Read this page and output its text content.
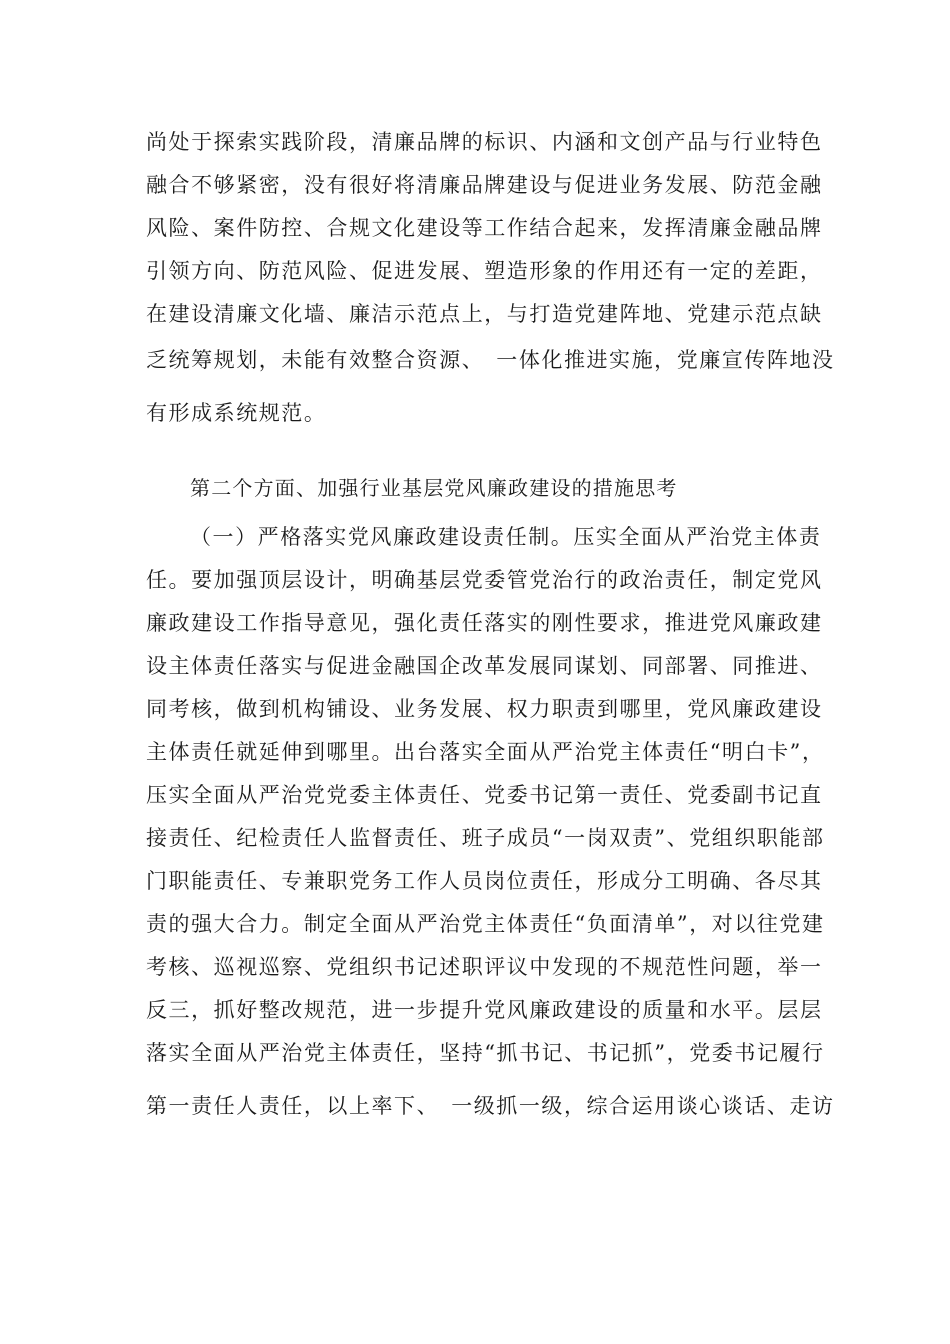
尚处于探索实践阶段，清廉品牌的标识、内涵和文创产品与行业特色
融合不够紧密，没有很好将清廉品牌建设与促进业务发展、防范金融
风险、案件防控、合规文化建设等工作结合起来，发挥清廉金融品牌
引领方向、防范风险、促进发展、塑造形象的作用还有一定的差距，
在建设清廉文化墙、廉洁示范点上，与打造党建阵地、党建示范点缺
乏统筹规划，未能有效整合资源、　一体化推进实施，党廉宣传阵地没
有形成系统规范。
第二个方面、加强行业基层党风廉政建设的措施思考
（一）严格落实党风廉政建设责任制。压实全面从严治党主体责
任。要加强顶层设计，明确基层党委管党治行的政治责任，制定党风
廉政建设工作指导意见，强化责任落实的刚性要求，推进党风廉政建
设主体责任落实与促进金融国企改革发展同谋划、同部署、同推进、
同考核，做到机构铺设、业务发展、权力职责到哪里，党风廉政建设
主体责任就延伸到哪里。出台落实全面从严治党主体责任“明白卡”，
压实全面从严治党党委主体责任、党委书记第一责任、党委副书记直
接责任、纪检责任人监督责任、班子成员“一岗双责”、党组织职能部
门职能责任、专兼职党务工作人员岗位责任，形成分工明确、各尽其
责的强大合力。制定全面从严治党主体责任“负面清单”，对以往党建
考核、巡视巡察、党组织书记述职评议中发现的不规范性问题，举一
反三，抓好整改规范，进一步提升党风廉政建设的质量和水平。层层
落实全面从严治党主体责任，坚持“抓书记、书记抓”，党委书记履行
第一责任人责任，以上率下、　一级抓一级，综合运用谈心谈话、走访
